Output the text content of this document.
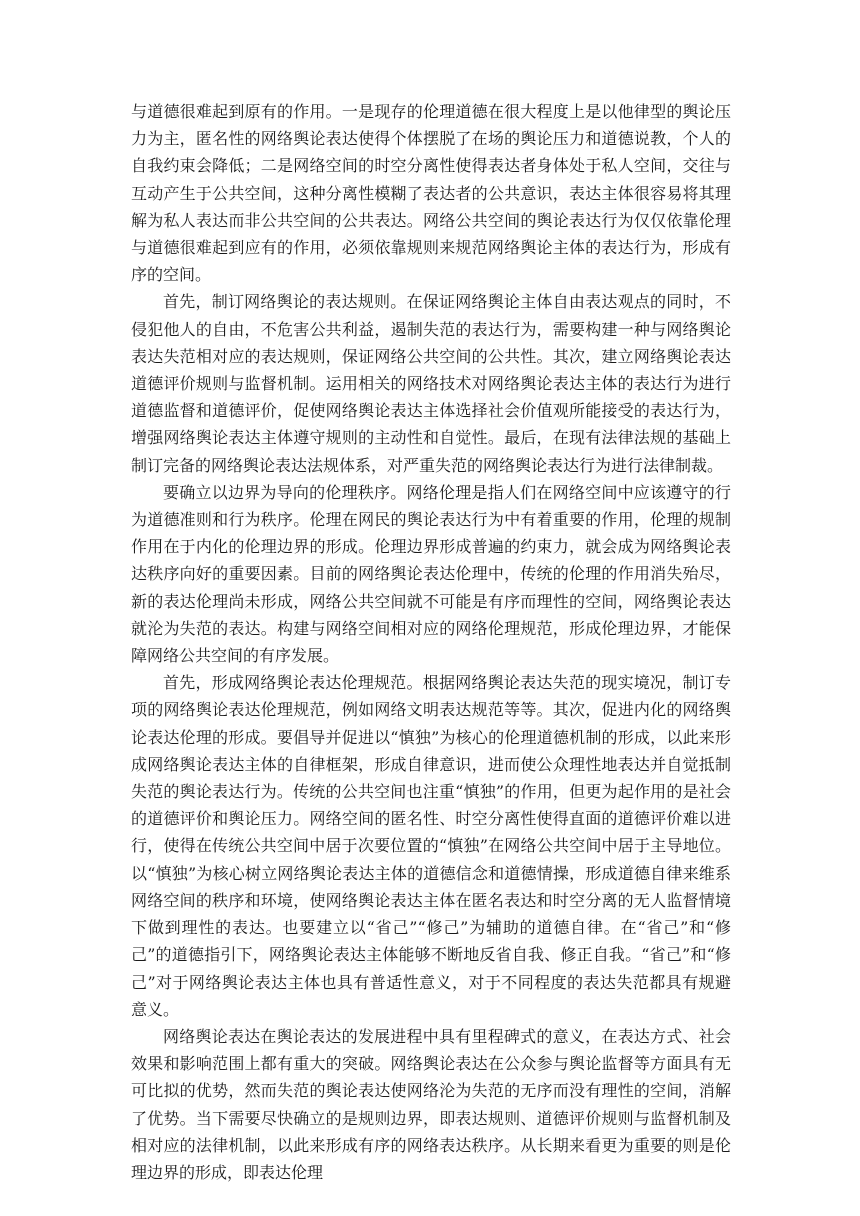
与道德很难起到原有的作用。一是现存的伦理道德在很大程度上是以他律型的舆论压力为主，匿名性的网络舆论表达使得个体摆脱了在场的舆论压力和道德说教，个人的自我约束会降低；二是网络空间的时空分离性使得表达者身体处于私人空间，交往与互动产生于公共空间，这种分离性模糊了表达者的公共意识，表达主体很容易将其理解为私人表达而非公共空间的公共表达。网络公共空间的舆论表达行为仅仅依靠伦理与道德很难起到应有的作用，必须依靠规则来规范网络舆论主体的表达行为，形成有序的空间。

首先，制订网络舆论的表达规则。在保证网络舆论主体自由表达观点的同时，不侵犯他人的自由，不危害公共利益，遏制失范的表达行为，需要构建一种与网络舆论表达失范相对应的表达规则，保证网络公共空间的公共性。其次，建立网络舆论表达道德评价规则与监督机制。运用相关的网络技术对网络舆论表达主体的表达行为进行道德监督和道德评价，促使网络舆论表达主体选择社会价值观所能接受的表达行为，增强网络舆论表达主体遵守规则的主动性和自觉性。最后，在现有法律法规的基础上制订完备的网络舆论表达法规体系，对严重失范的网络舆论表达行为进行法律制裁。

要确立以边界为导向的伦理秩序。网络伦理是指人们在网络空间中应该遵守的行为道德准则和行为秩序。伦理在网民的舆论表达行为中有着重要的作用，伦理的规制作用在于内化的伦理边界的形成。伦理边界形成普遍的约束力，就会成为网络舆论表达秩序向好的重要因素。目前的网络舆论表达伦理中，传统的伦理的作用消失殆尽，新的表达伦理尚未形成，网络公共空间就不可能是有序而理性的空间，网络舆论表达就沦为失范的表达。构建与网络空间相对应的网络伦理规范，形成伦理边界，才能保障网络公共空间的有序发展。

首先，形成网络舆论表达伦理规范。根据网络舆论表达失范的现实境况，制订专项的网络舆论表达伦理规范，例如网络文明表达规范等等。其次，促进内化的网络舆论表达伦理的形成。要倡导并促进以“慎独”为核心的伦理道德机制的形成，以此来形成网络舆论表达主体的自律框架，形成自律意识，进而使公众理性地表达并自觉抵制失范的舆论表达行为。传统的公共空间也注重“慎独”的作用，但更为起作用的是社会的道德评价和舆论压力。网络空间的匿名性、时空分离性使得直面的道德评价难以进行，使得在传统公共空间中居于次要位置的“慎独”在网络公共空间中居于主导地位。以“慎独”为核心树立网络舆论表达主体的道德信念和道德情操，形成道德自律来维系网络空间的秩序和环境，使网络舆论表达主体在匿名表达和时空分离的无人监督情境下做到理性的表达。也要建立以“省己”“修己”为辅助的道德自律。在“省己”和“修己”的道德指引下，网络舆论表达主体能够不断地反省自我、修正自我。“省己”和“修己”对于网络舆论表达主体也具有普适性意义，对于不同程度的表达失范都具有规避意义。

网络舆论表达在舆论表达的发展进程中具有里程碑式的意义，在表达方式、社会效果和影响范围上都有重大的突破。网络舆论表达在公众参与舆论监督等方面具有无可比拟的优势，然而失范的舆论表达使网络沦为失范的无序而没有理性的空间，消解了优势。当下需要尽快确立的是规则边界，即表达规则、道德评价规则与监督机制及相对应的法律机制，以此来形成有序的网络表达秩序。从长期来看更为重要的则是伦理边界的形成，即表达伦理
